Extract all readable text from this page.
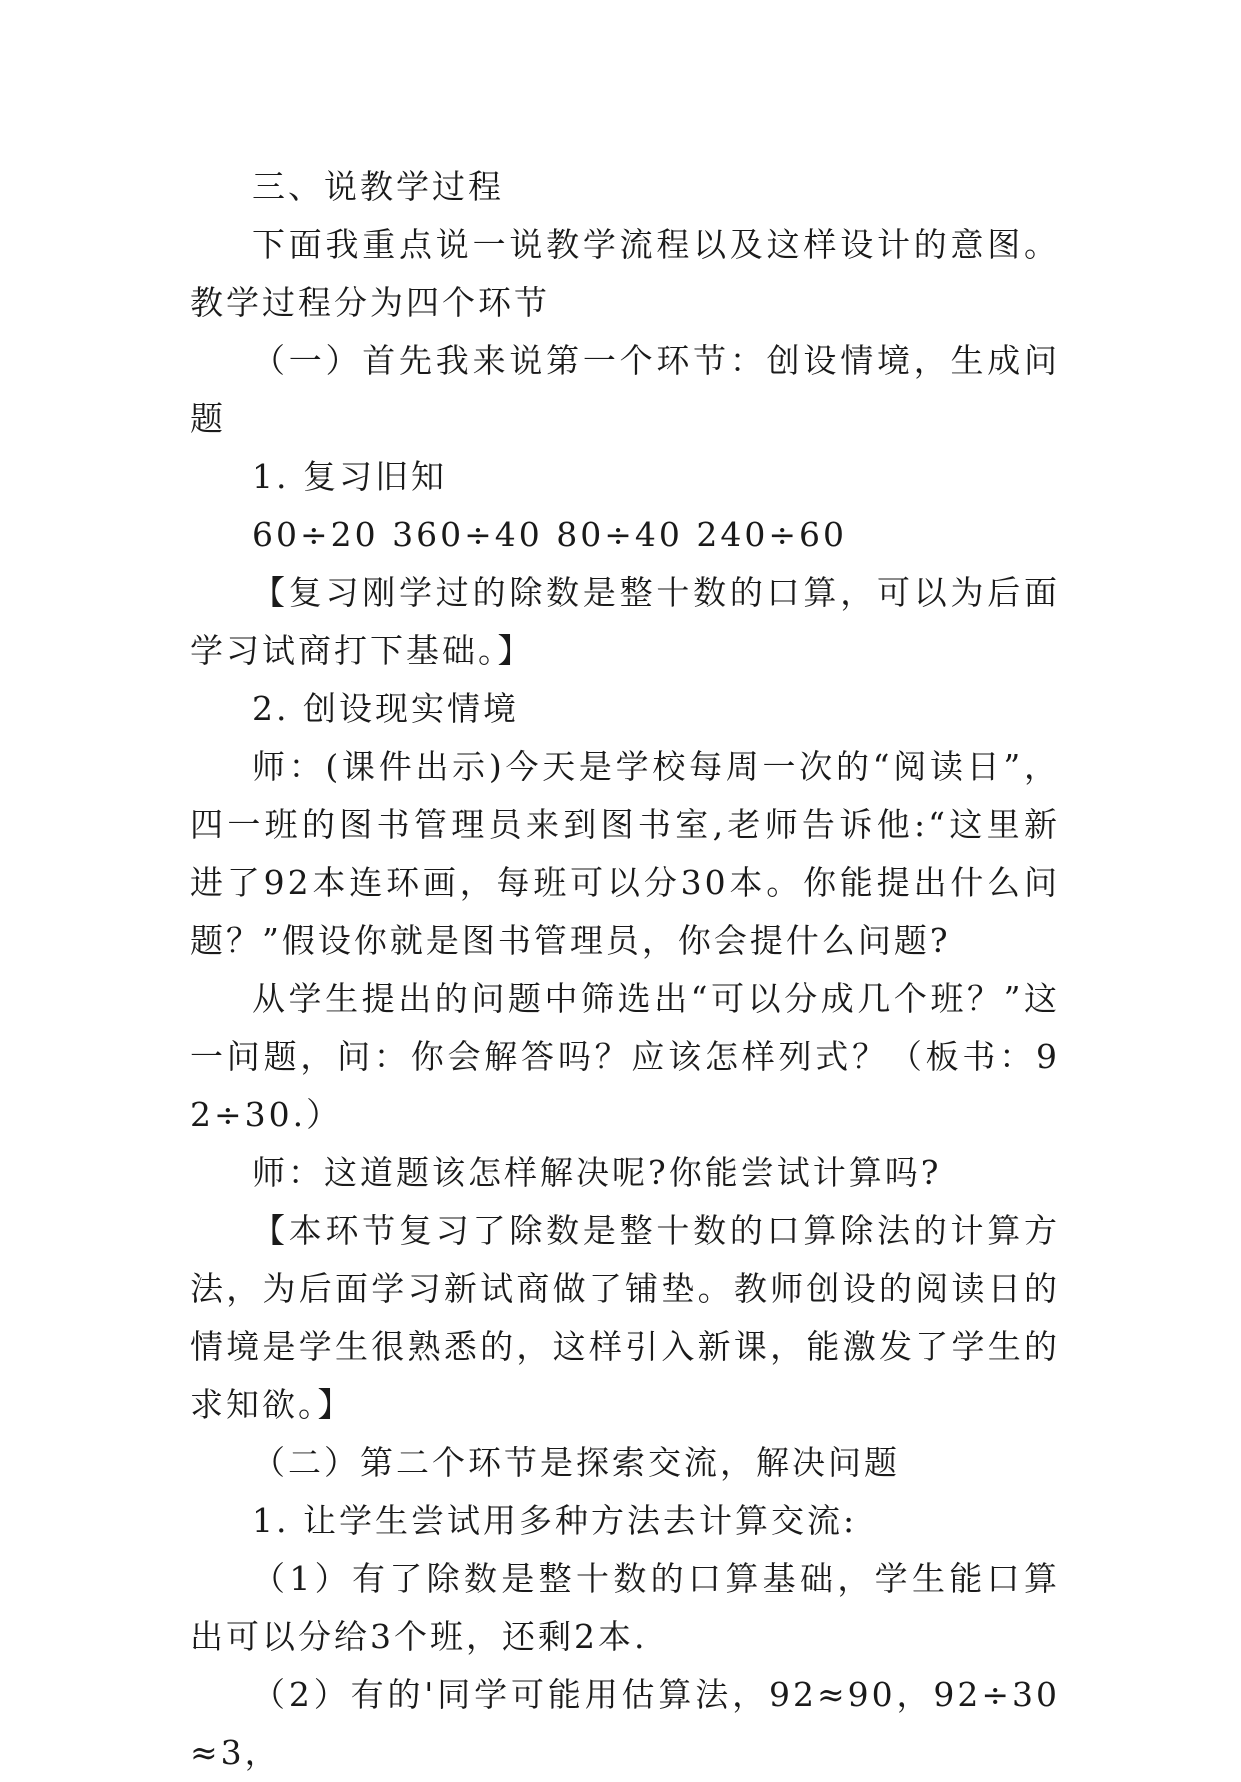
三、说教学过程

下面我重点说一说教学流程以及这样设计的意图。教学过程分为四个环节

（一）首先我来说第一个环节：创设情境，生成问题

1. 复习旧知

60÷20 360÷40 80÷40 240÷60

【复习刚学过的除数是整十数的口算，可以为后面学习试商打下基础。】

2. 创设现实情境

师：(课件出示)今天是学校每周一次的“阅读日”，四一班的图书管理员来到图书室,老师告诉他:“这里新进了92本连环画，每班可以分30本。你能提出什么问题？”假设你就是图书管理员，你会提什么问题?

从学生提出的问题中筛选出“可以分成几个班？”这一问题，问：你会解答吗？应该怎样列式？（板书：92÷30.）

师：这道题该怎样解决呢?你能尝试计算吗?

【本环节复习了除数是整十数的口算除法的计算方法，为后面学习新试商做了铺垫。教师创设的阅读日的情境是学生很熟悉的，这样引入新课，能激发了学生的求知欲。】

（二）第二个环节是探索交流，解决问题

1. 让学生尝试用多种方法去计算交流:

（1）有了除数是整十数的口算基础，学生能口算出可以分给3个班，还剩2本.

（2）有的'同学可能用估算法，92≈90，92÷30≈3，
